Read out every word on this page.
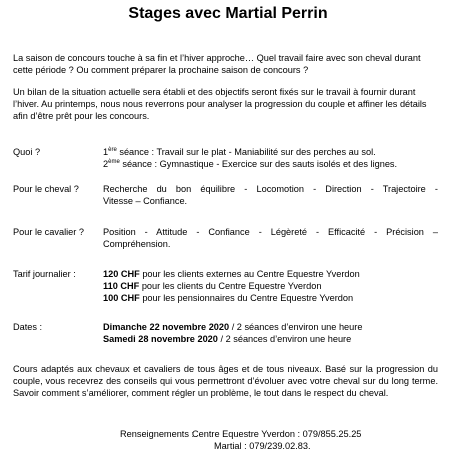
Stages avec Martial Perrin
La saison de concours touche à sa fin et l’hiver approche… Quel travail faire avec son cheval durant cette période ? Ou comment préparer la prochaine saison de concours ?
Un bilan de la situation actuelle sera établi et des objectifs seront fixés sur le travail à fournir durant l’hiver. Au printemps, nous nous reverrons pour analyser la progression du couple et affiner les détails afin d’être prêt pour les concours.
Quoi ?	1ère séance : Travail sur le plat - Maniabilité sur des perches au sol.
2ème séance : Gymnastique - Exercice sur des sauts isolés et des lignes.
Pour le cheval ?	Recherche du bon équilibre - Locomotion - Direction - Trajectoire -
Vitesse – Confiance.
Pour le cavalier ? Position - Attitude - Confiance - Légèreté - Efficacité - Précision –
Compréhension.
Tarif journalier :	120 CHF pour les clients externes au Centre Equestre Yverdon
110 CHF pour les clients du Centre Equestre Yverdon
100 CHF pour les pensionnaires du Centre Equestre Yverdon
Dates :	Dimanche 22 novembre 2020 / 2 séances d’environ une heure
Samedi 28 novembre 2020 / 2 séances d’environ une heure
Cours adaptés aux chevaux et cavaliers de tous âges et de tous niveaux. Basé sur la progression du couple, vous recevrez des conseils qui vous permettront d’évoluer avec votre cheval sur du long terme. Savoir comment s’améliorer, comment régler un problème, le tout dans le respect du cheval.
Renseignements :
Centre Equestre Yverdon : 079/855.25.25
Martial : 079/239.02.83.
